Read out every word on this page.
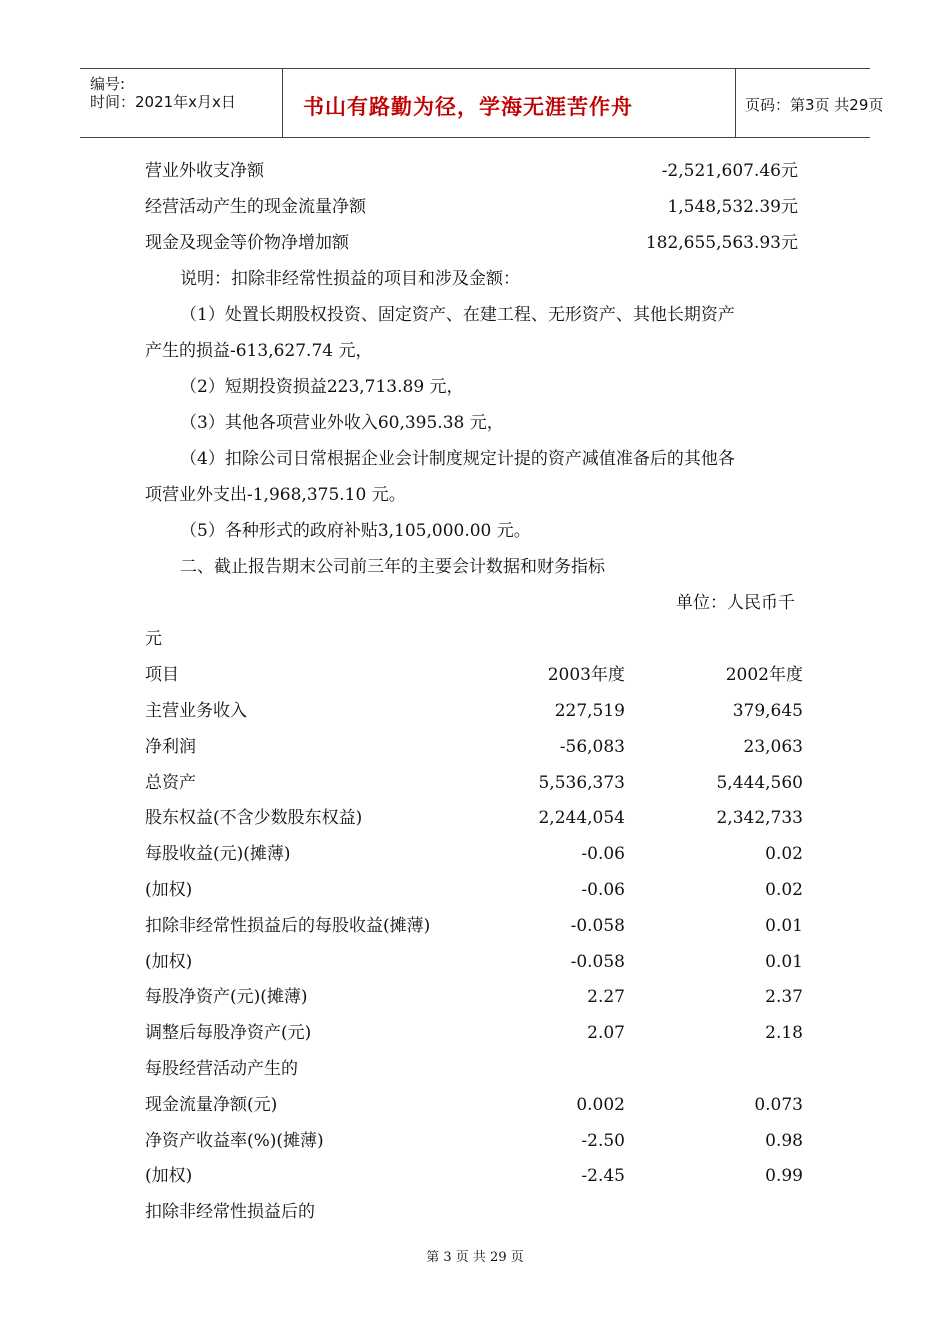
编号:
时间：2021年x月x日	书山有路勤为径，学海无涯苦作舟	页码：第3页 共29页
营业外收支净额	-2,521,607.46元
经营活动产生的现金流量净额	1,548,532.39元
现金及现金等价物净增加额	182,655,563.93元
说明：扣除非经常性损益的项目和涉及金额：
（1）处置长期股权投资、固定资产、在建工程、无形资产、其他长期资产
产生的损益-613,627.74 元，
（2）短期投资损益223,713.89 元，
（3）其他各项营业外收入60,395.38 元，
（4）扣除公司日常根据企业会计制度规定计提的资产减值准备后的其他各
项营业外支出-1,968,375.10 元。
（5）各种形式的政府补贴3,105,000.00 元。
二、截止报告期末公司前三年的主要会计数据和财务指标
单位：人民币千
元
项目	2003年度	2002年度
主营业务收入	227,519	379,645
净利润	-56,083	23,063
总资产	5,536,373	5,444,560
股东权益(不含少数股东权益)	2,244,054	2,342,733
每股收益(元)(摊薄)	-0.06	0.02
(加权)	-0.06	0.02
扣除非经常性损益后的每股收益(摊薄)	-0.058	0.01
(加权)	-0.058	0.01
每股净资产(元)(摊薄)	2.27	2.37
调整后每股净资产(元)	2.07	2.18
每股经营活动产生的
现金流量净额(元)	0.002	0.073
净资产收益率(%)(摊薄)	-2.50	0.98
(加权)	-2.45	0.99
扣除非经常性损益后的
第 3 页 共 29 页
